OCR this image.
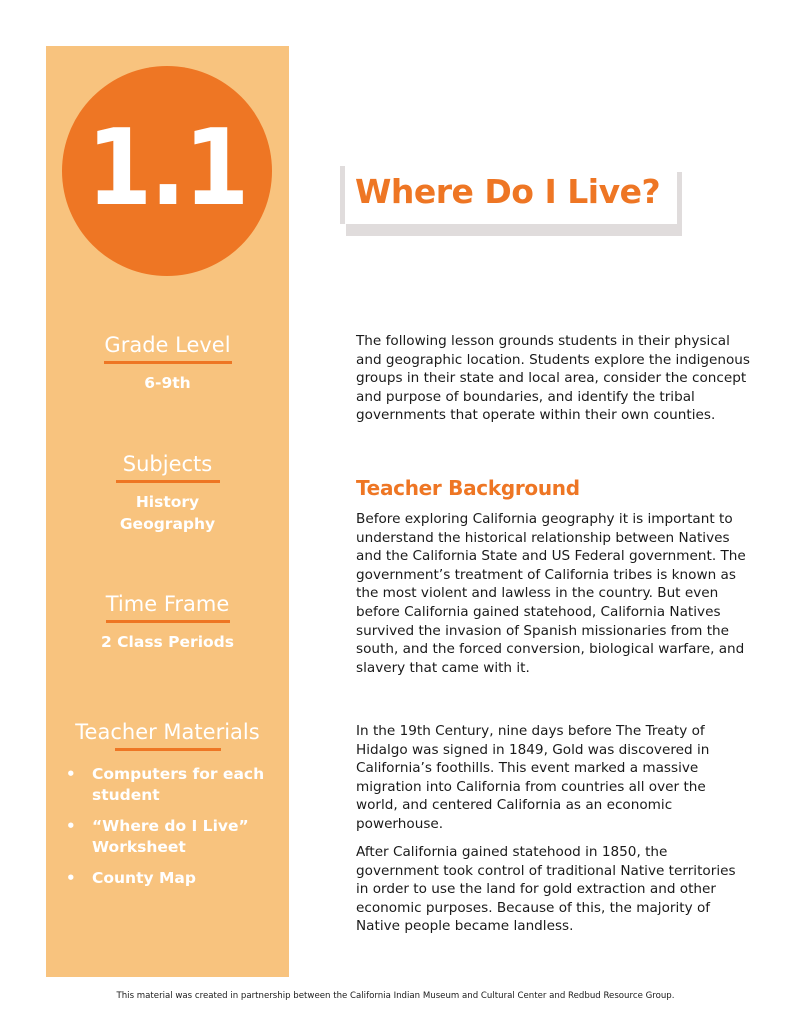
1.1	Where Do I Live?
Grade Level
6-9th
Subjects
History
Geography
Time Frame
2 Class Periods
Teacher Materials
• Computers for each student
• “Where do I Live” Worksheet
• County Map

The following lesson grounds students in their physical and geographic location. Students explore the indigenous groups in their state and local area, consider the concept and purpose of boundaries, and identify the tribal governments that operate within their own counties.

Teacher Background

Before exploring California geography it is important to understand the historical relationship between Natives and the California State and US Federal government. The government’s treatment of California tribes is known as the most violent and lawless in the country. But even before California gained statehood, California Natives survived the invasion of Spanish missionaries from the south, and the forced conversion, biological warfare, and slavery that came with it.

In the 19th Century, nine days before The Treaty of Hidalgo was signed in 1849, Gold was discovered in California’s foothills. This event marked a massive migration into California from countries all over the world, and centered California as an economic powerhouse.

After California gained statehood in 1850, the government took control of traditional Native territories in order to use the land for gold extraction and other economic purposes. Because of this, the majority of Native people became landless.

This material was created in partnership between the California Indian Museum and Cultural Center and Redbud Resource Group.
